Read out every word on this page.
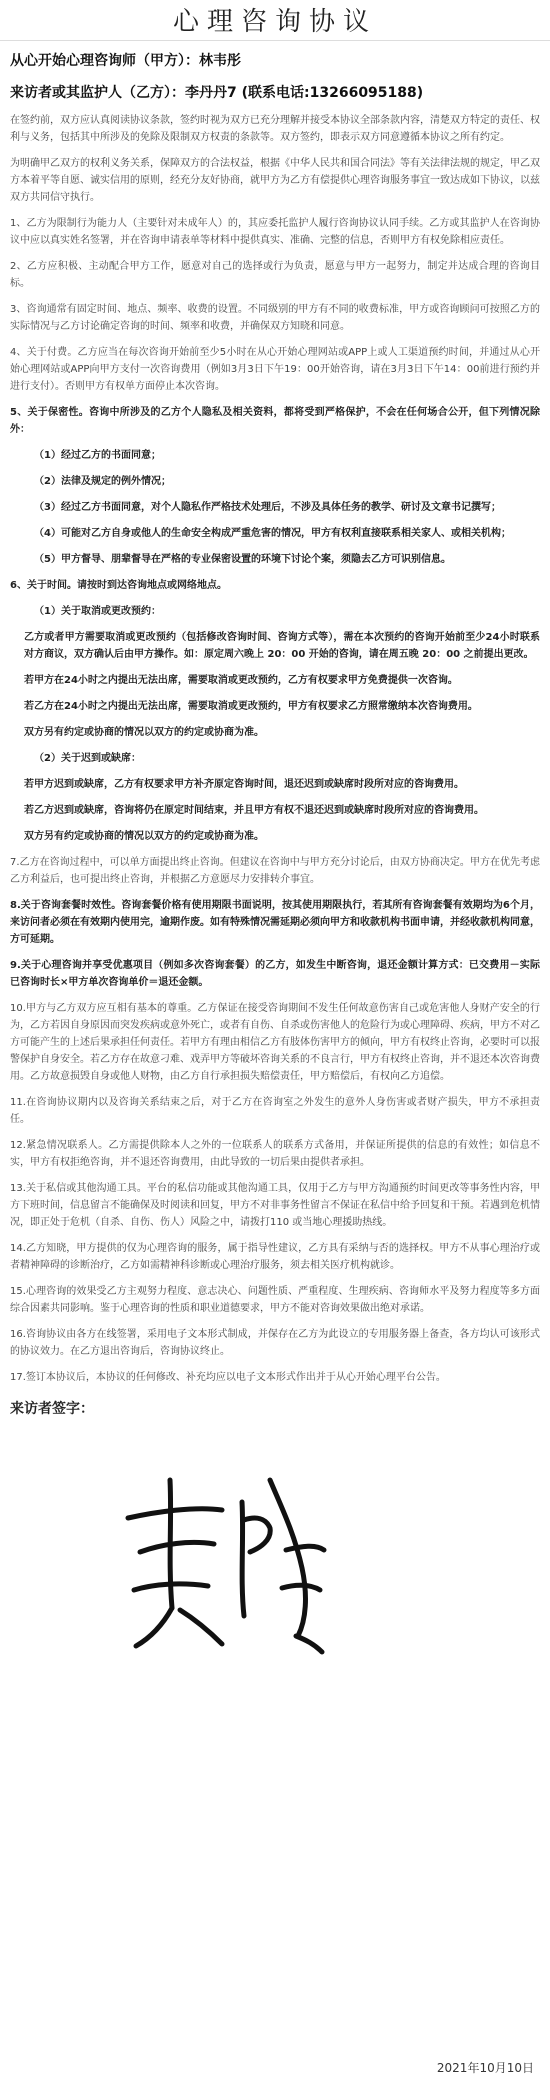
心理咨询协议
从心开始心理咨询师（甲方）：林韦彤
来访者或其监护人（乙方）：李丹丹7 (联系电话:13266095188)
在签约前，双方应认真阅读协议条款，签约时视为双方已充分理解并接受本协议全部条款内容，清楚双方特定的责任、权利与义务，包括其中所涉及的免除及限制双方权责的条款等。双方签约，即表示双方同意遵循本协议之所有约定。
为明确甲乙双方的权利义务关系，保障双方的合法权益，根据《中华人民共和国合同法》等有关法律法规的规定，甲乙双方本着平等自愿、诚实信用的原则，经充分友好协商，就甲方为乙方有偿提供心理咨询服务事宜一致达成如下协议，以兹双方共同信守执行。
1、乙方为限制行为能力人（主要针对未成年人）的，其应委托监护人履行咨询协议认同手续。乙方或其监护人在咨询协议中应以真实姓名签署，并在咨询申请表单等材料中提供真实、准确、完整的信息，否则甲方有权免除相应责任。
2、乙方应积极、主动配合甲方工作，愿意对自己的选择或行为负责，愿意与甲方一起努力，制定并达成合理的咨询目标。
3、咨询通常有固定时间、地点、频率、收费的设置。不同级别的甲方有不同的收费标准，甲方或咨询顾问可按照乙方的实际情况与乙方讨论确定咨询的时间、频率和收费，并确保双方知晓和同意。
4、关于付费。乙方应当在每次咨询开始前至少5小时在从心开始心理网站或APP上或人工渠道预约时间，并通过从心开始心理网站或APP向甲方支付一次咨询费用（例如3月3日下午19：00开始咨询，请在3月3日下午14：00前进行预约并进行支付）。否则甲方有权单方面停止本次咨询。
5、关于保密性。咨询中所涉及的乙方个人隐私及相关资料，都将受到严格保护，不会在任何场合公开，但下列情况除外：
（1）经过乙方的书面同意；
（2）法律及规定的例外情况；
（3）经过乙方书面同意，对个人隐私作严格技术处理后，不涉及具体任务的教学、研讨及文章书记撰写；
（4）可能对乙方自身或他人的生命安全构成严重危害的情况，甲方有权利直接联系相关家人、或相关机构；
（5）甲方督导、朋辈督导在严格的专业保密设置的环境下讨论个案，须隐去乙方可识别信息。
6、关于时间。请按时到达咨询地点或网络地点。
（1）关于取消或更改预约：
乙方或者甲方需要取消或更改预约（包括修改咨询时间、咨询方式等），需在本次预约的咨询开始前至少24小时联系对方商议，双方确认后由甲方操作。如：原定周六晚上 20：00 开始的咨询，请在周五晚 20：00 之前提出更改。
若甲方在24小时之内提出无法出席，需要取消或更改预约，乙方有权要求甲方免费提供一次咨询。
若乙方在24小时之内提出无法出席，需要取消或更改预约，甲方有权要求乙方照常缴纳本次咨询费用。
双方另有约定或协商的情况以双方的约定或协商为准。
（2）关于迟到或缺席：
若甲方迟到或缺席，乙方有权要求甲方补齐原定咨询时间，退还迟到或缺席时段所对应的咨询费用。
若乙方迟到或缺席，咨询将仍在原定时间结束，并且甲方有权不退还迟到或缺席时段所对应的咨询费用。
双方另有约定或协商的情况以双方的约定或协商为准。
7.乙方在咨询过程中，可以单方面提出终止咨询。但建议在咨询中与甲方充分讨论后，由双方协商决定。甲方在优先考虑乙方利益后，也可提出终止咨询，并根据乙方意愿尽力安排转介事宜。
8.关于咨询套餐时效性。咨询套餐价格有使用期限书面说明，按其使用期限执行，若其所有咨询套餐有效期均为6个月，来访问者必须在有效期内使用完，逾期作废。如有特殊情况需延期必须向甲方和收款机构书面申请，并经收款机构同意，方可延期。
9.关于心理咨询并享受优惠项目（例如多次咨询套餐）的乙方，如发生中断咨询，退还金额计算方式：已交费用－实际已咨询时长×甲方单次咨询单价＝退还金额。
10.甲方与乙方双方应互相有基本的尊重。乙方保证在接受咨询期间不发生任何故意伤害自己或危害他人身财产安全的行为，乙方若因自身原因而突发疾病或意外死亡，或者有自伤、自杀或伤害他人的危险行为或心理障碍、疾病，甲方不对乙方可能产生的上述后果承担任何责任。若甲方有理由相信乙方有肢体伤害甲方的倾向，甲方有权终止咨询，必要时可以报警保护自身安全。若乙方存在故意刁难、戏弄甲方等破坏咨询关系的不良言行，甲方有权终止咨询，并不退还本次咨询费用。乙方故意损毁自身或他人财物，由乙方自行承担损失赔偿责任，甲方赔偿后，有权向乙方追偿。
11.在咨询协议期内以及咨询关系结束之后，对于乙方在咨询室之外发生的意外人身伤害或者财产损失，甲方不承担责任。
12.紧急情况联系人。乙方需提供除本人之外的一位联系人的联系方式备用，并保证所提供的信息的有效性；如信息不实，甲方有权拒绝咨询，并不退还咨询费用，由此导致的一切后果由提供者承担。
13.关于私信或其他沟通工具。平台的私信功能或其他沟通工具，仅用于乙方与甲方沟通预约时间更改等事务性内容，甲方下班时间，信息留言不能确保及时阅读和回复，甲方不对非事务性留言不保证在私信中给予回复和干预。若遇到危机情况，即正处于危机（自杀、自伤、伤人）风险之中，请拨打110 或当地心理援助热线。
14.乙方知晓，甲方提供的仅为心理咨询的服务，属于指导性建议，乙方具有采纳与否的选择权。甲方不从事心理治疗或者精神障碍的诊断治疗，乙方如需精神科诊断或心理治疗服务，须去相关医疗机构就诊。
15.心理咨询的效果受乙方主观努力程度、意志决心、问题性质、严重程度、生理疾病、咨询师水平及努力程度等多方面综合因素共同影响。鉴于心理咨询的性质和职业道德要求，甲方不能对咨询效果做出绝对承诺。
16.咨询协议由各方在线签署，采用电子文本形式制成，并保存在乙方为此设立的专用服务器上备查，各方均认可该形式的协议效力。在乙方退出咨询后，咨询协议终止。
17.签订本协议后，本协议的任何修改、补充均应以电子文本形式作出并于从心开始心理平台公告。
来访者签字：
2021年10月10日
